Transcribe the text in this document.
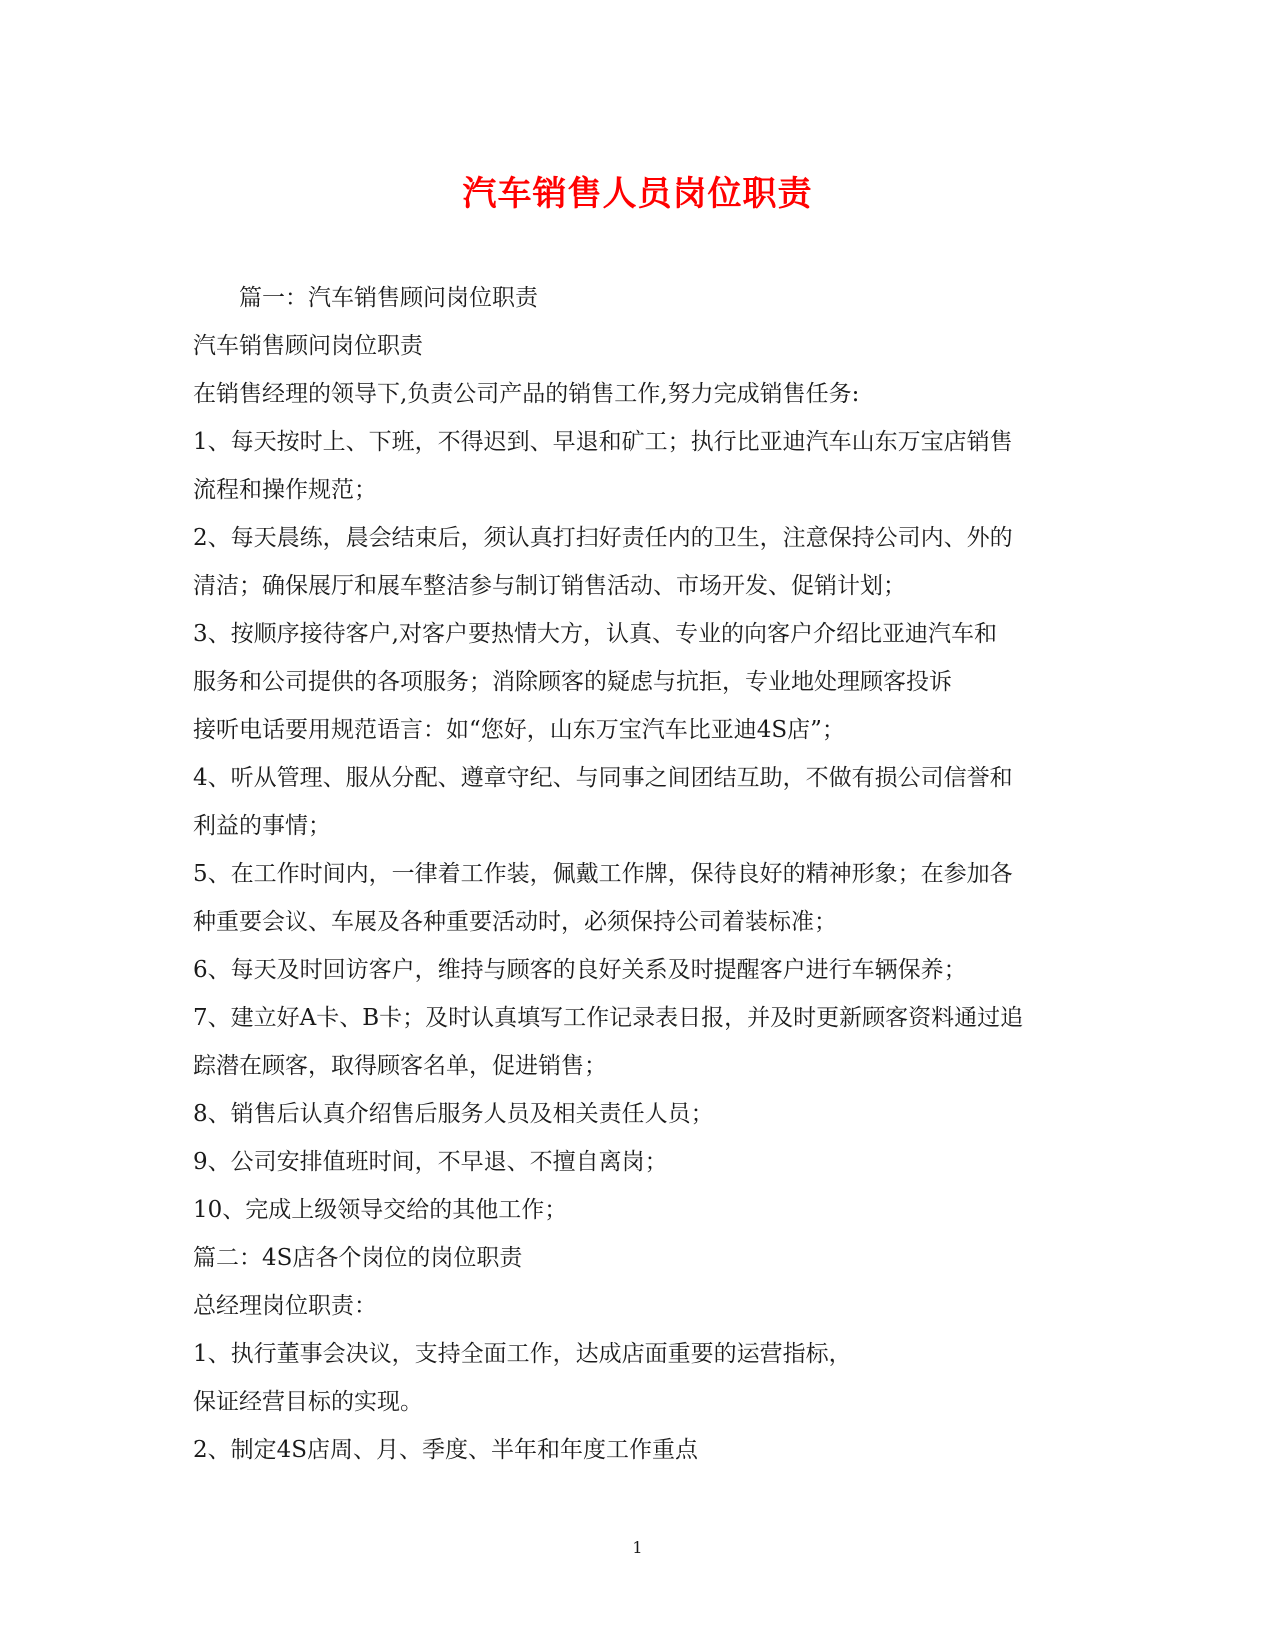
汽车销售人员岗位职责
篇一：汽车销售顾问岗位职责
汽车销售顾问岗位职责
在销售经理的领导下,负责公司产品的销售工作,努力完成销售任务:
1、每天按时上、下班，不得迟到、早退和矿工；执行比亚迪汽车山东万宝店销售
流程和操作规范；
2、每天晨练，晨会结束后，须认真打扫好责任内的卫生，注意保持公司内、外的
清洁；确保展厅和展车整洁参与制订销售活动、市场开发、促销计划；
3、按顺序接待客户,对客户要热情大方，认真、专业的向客户介绍比亚迪汽车和
服务和公司提供的各项服务；消除顾客的疑虑与抗拒，专业地处理顾客投诉
接听电话要用规范语言：如“您好，山东万宝汽车比亚迪4S店”；
4、听从管理、服从分配、遵章守纪、与同事之间团结互助，不做有损公司信誉和
利益的事情；
5、在工作时间内，一律着工作装，佩戴工作牌，保待良好的精神形象；在参加各
种重要会议、车展及各种重要活动时，必须保持公司着装标准；
6、每天及时回访客户，维持与顾客的良好关系及时提醒客户进行车辆保养；
7、建立好A卡、B卡；及时认真填写工作记录表日报，并及时更新顾客资料通过追
踪潜在顾客，取得顾客名单，促进销售；
8、销售后认真介绍售后服务人员及相关责任人员；
9、公司安排值班时间，不早退、不擅自离岗；
10、完成上级领导交给的其他工作；
篇二：4S店各个岗位的岗位职责
总经理岗位职责：
1、执行董事会决议，支持全面工作，达成店面重要的运营指标，
保证经营目标的实现。
2、制定4S店周、月、季度、半年和年度工作重点
1
